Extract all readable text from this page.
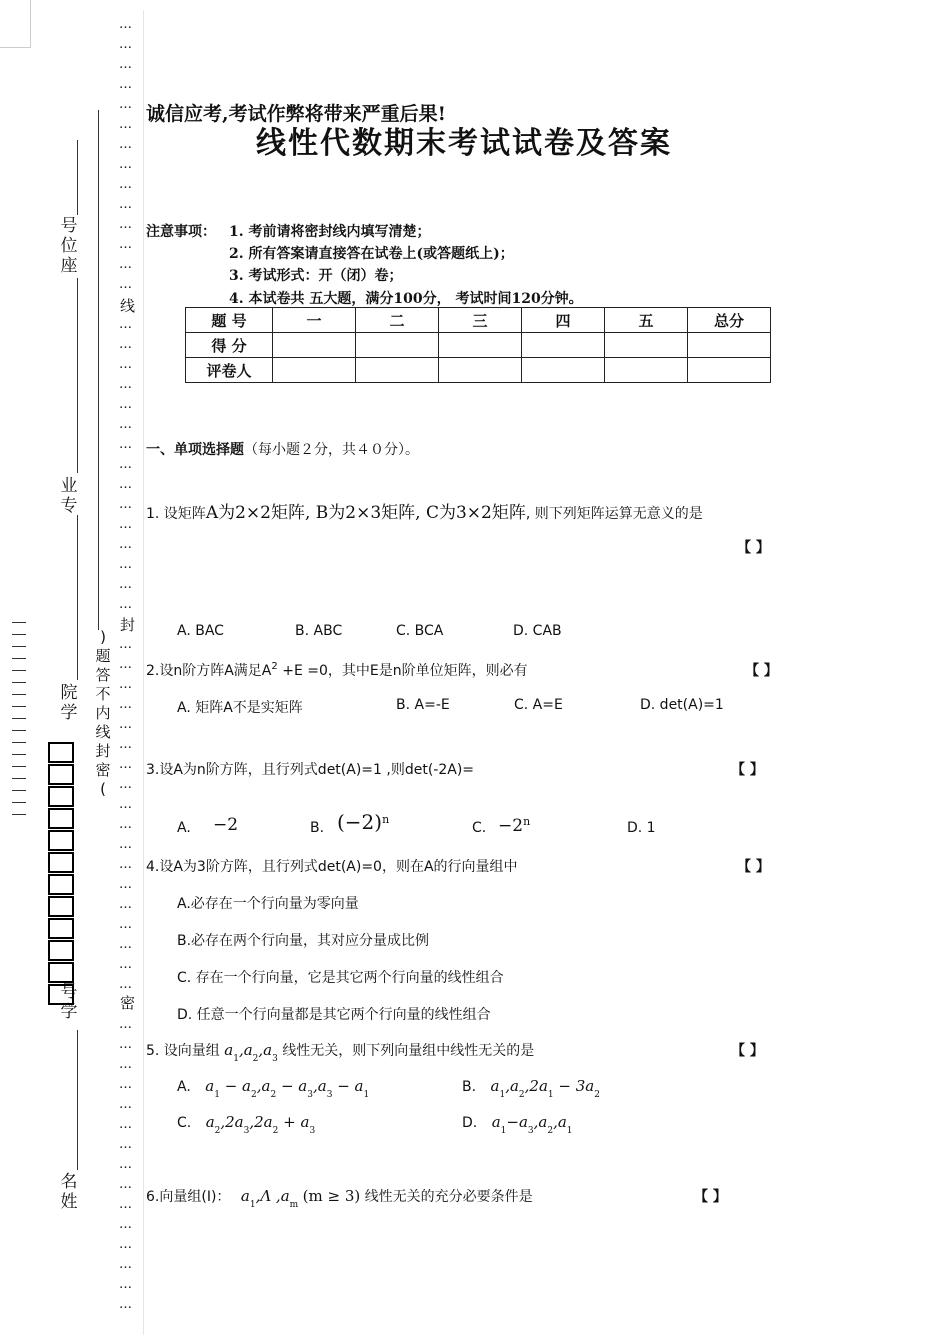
…
…
…
…
…
…
…
…
…
…
…
…
…
…
…
…
…
…
…
…
…
…
…
…
…
…
…
…
…
…
…
…
…
…
…
…
…
…
…
…
…
…
…
…
…
…
…
…
…
…
…
…
…
…
…
…
…
…
…
…
…
…
线
封
密
号
位
座
业
专
院
学
号
学
名
姓
)
题
答
不
内
线
封
密
(
诚信应考,考试作弊将带来严重后果!
线性代数期末考试试卷及答案
注意事项： 1. 考前请将密封线内填写清楚；
2. 所有答案请直接答在试卷上(或答题纸上)；
3. 考试形式：开（闭）卷；
4. 本试卷共 五大题，满分100分， 考试时间120分钟。
题 号	一	二	三	四	五	总分
得 分						
评卷人						
一、单项选择题（每小题２分，共４０分）。
1. 设矩阵A为2×2矩阵, B为2×3矩阵, C为3×2矩阵, 则下列矩阵运算无意义的是
【 】
A. BAC	B. ABC	C. BCA	D. CAB
2.设n阶方阵A满足$A^2 +E =0$，其中E是n阶单位矩阵，则必有	【 】
A. 矩阵A不是实矩阵	B. A=-E	C. A=E	D. det(A)=1
3.设A为n阶方阵，且行列式det(A)=1 ,则det(-2A)=	【 】
A. −2	B. $(-2)^n$
C. $-2^n$	D. 1
4.设A为3阶方阵，且行列式det(A)=0，则在A的行向量组中	【 】
A.必存在一个行向量为零向量
B.必存在两个行向量，其对应分量成比例
C. 存在一个行向量，它是其它两个行向量的线性组合
D. 任意一个行向量都是其它两个行向量的线性组合
5. 设向量组 $a_1,a_2,a_3$ 线性无关，则下列向量组中线性无关的是	【 】
A. $a_1 - a_2,a_2 - a_3,a_3 - a_1$	B. $a_1,a_2,2a_1 - 3a_2$
C. $a_2,2a_3,2a_2 + a_3$	D. $a_1-a_3,a_2,a_1$
6.向量组(I)： $a_1,\Lambda$ $,a_m$ (m ≥ 3) 线性无关的充分必要条件是	【 】
